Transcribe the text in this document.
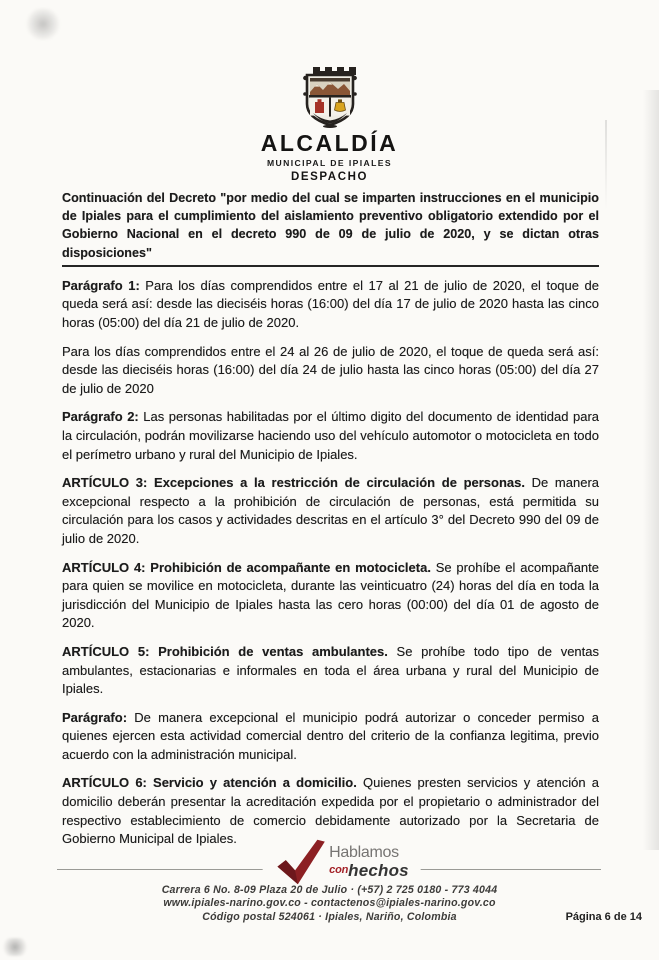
ALCALDÍA
MUNICIPAL DE IPIALES
DESPACHO

Continuación del Decreto "por medio del cual se imparten instrucciones en el municipio de Ipiales para el cumplimiento del aislamiento preventivo obligatorio extendido por el Gobierno Nacional en el decreto 990 de 09 de julio de 2020, y se dictan otras disposiciones"

Parágrafo 1: Para los días comprendidos entre el 17 al 21 de julio de 2020, el toque de queda será así: desde las dieciséis horas (16:00) del día 17 de julio de 2020 hasta las cinco horas (05:00) del día 21 de julio de 2020.

Para los días comprendidos entre el 24 al 26 de julio de 2020, el toque de queda será así: desde las dieciséis horas (16:00) del día 24 de julio hasta las cinco horas (05:00) del día 27 de julio de 2020

Parágrafo 2: Las personas habilitadas por el último digito del documento de identidad para la circulación, podrán movilizarse haciendo uso del vehículo automotor o motocicleta en todo el perímetro urbano y rural del Municipio de Ipiales.

ARTÍCULO 3: Excepciones a la restricción de circulación de personas. De manera excepcional respecto a la prohibición de circulación de personas, está permitida su circulación para los casos y actividades descritas en el artículo 3° del Decreto 990 del 09 de julio de 2020.

ARTÍCULO 4: Prohibición de acompañante en motocicleta. Se prohíbe el acompañante para quien se movilice en motocicleta, durante las veinticuatro (24) horas del día en toda la jurisdicción del Municipio de Ipiales hasta las cero horas (00:00) del día 01 de agosto de 2020.

ARTÍCULO 5: Prohibición de ventas ambulantes. Se prohíbe todo tipo de ventas ambulantes, estacionarias e informales en toda el área urbana y rural del Municipio de Ipiales.

Parágrafo: De manera excepcional el municipio podrá autorizar o conceder permiso a quienes ejercen esta actividad comercial dentro del criterio de la confianza legitima, previo acuerdo con la administración municipal.

ARTÍCULO 6: Servicio y atención a domicilio. Quienes presten servicios y atención a domicilio deberán presentar la acreditación expedida por el propietario o administrador del respectivo establecimiento de comercio debidamente autorizado por la Secretaria de Gobierno Municipal de Ipiales.

Hablamos
conhechos
Carrera 6 No. 8-09 Plaza 20 de Julio · (+57) 2 725 0180 - 773 4044
www.ipiales-narino.gov.co - contactenos@ipiales-narino.gov.co
Código postal 524061 · Ipiales, Nariño, Colombia	Página 6 de 14
